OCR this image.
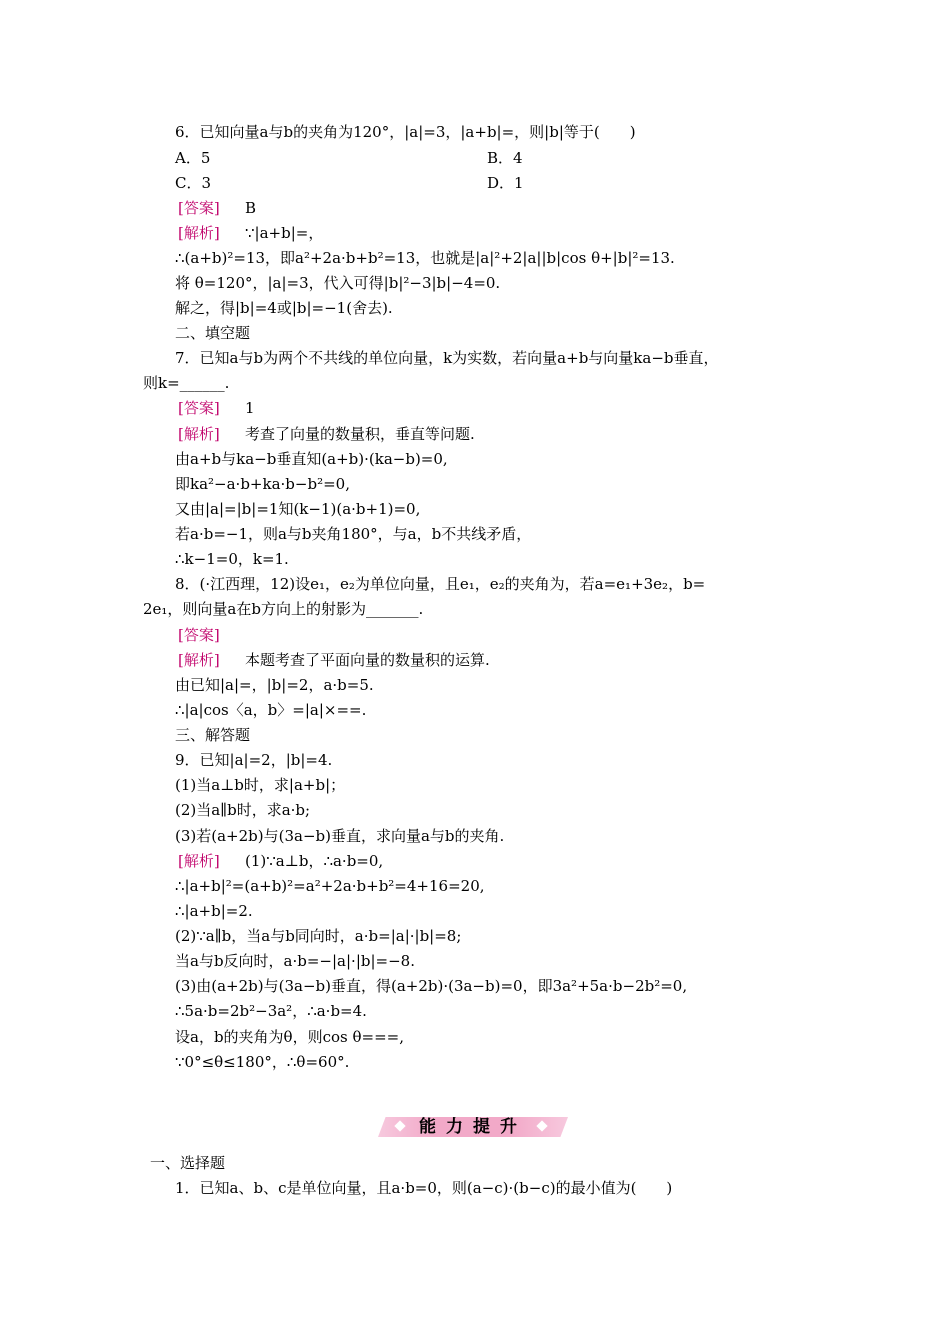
6．已知向量a与b的夹角为120°，|a|=3，|a+b|=，则|b|等于(　　)
A．5	B．4
C．3	D．1
[答案] B
[解析] ∵|a+b|=，
∴(a+b)²=13，即a²+2a·b+b²=13，也就是|a|²+2|a||b|cos θ+|b|²=13.
将 θ=120°，|a|=3，代入可得|b|²−3|b|−4=0.
解之，得|b|=4或|b|=−1(舍去).
二、填空题
7．已知a与b为两个不共线的单位向量，k为实数，若向量a+b与向量ka−b垂直，
则k=______.
[答案] 1
[解析] 考查了向量的数量积，垂直等问题.
由a+b与ka−b垂直知(a+b)·(ka−b)=0,
即ka²−a·b+ka·b−b²=0,
又由|a|=|b|=1知(k−1)(a·b+1)=0,
若a·b=−1，则a与b夹角180°，与a，b不共线矛盾，
∴k−1=0，k=1.
8．(·江西理，12)设e₁，e₂为单位向量，且e₁，e₂的夹角为，若a=e₁+3e₂，b=
2e₁，则向量a在b方向上的射影为_______.
[答案]
[解析] 本题考查了平面向量的数量积的运算.
由已知|a|=，|b|=2，a·b=5.
∴|a|cos〈a，b〉=|a|×==.
三、解答题
9．已知|a|=2，|b|=4.
(1)当a⊥b时，求|a+b|；
(2)当a∥b时，求a·b;
(3)若(a+2b)与(3a−b)垂直，求向量a与b的夹角.
[解析] (1)∵a⊥b，∴a·b=0,
∴|a+b|²=(a+b)²=a²+2a·b+b²=4+16=20,
∴|a+b|=2.
(2)∵a∥b，当a与b同向时，a·b=|a|·|b|=8;
当a与b反向时，a·b=−|a|·|b|=−8.
(3)由(a+2b)与(3a−b)垂直，得(a+2b)·(3a−b)=0，即3a²+5a·b−2b²=0,
∴5a·b=2b²−3a²，∴a·b=4.
设a，b的夹角为θ，则cos θ===,
∵0°≤θ≤180°，∴θ=60°.
能力提升
一、选择题
1．已知a、b、c是单位向量，且a·b=0，则(a−c)·(b−c)的最小值为(　　)
